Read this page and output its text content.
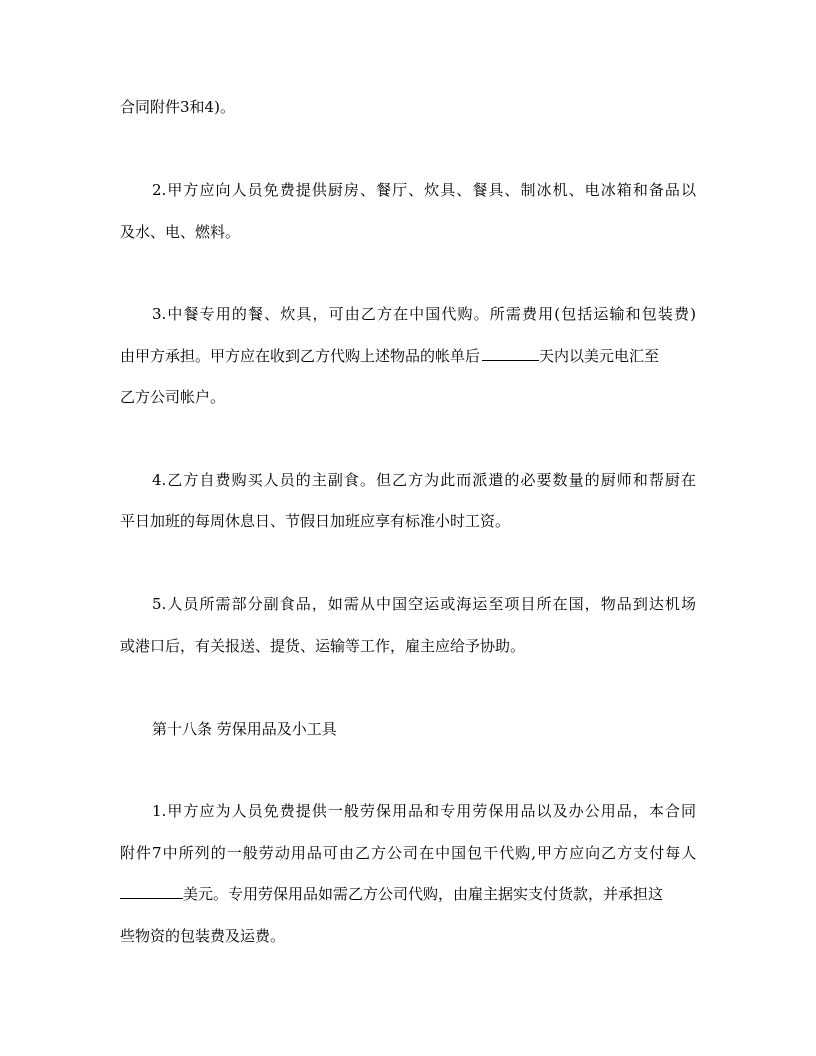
合同附件3和4)。
2.甲方应向人员免费提供厨房、餐厅、炊具、餐具、制冰机、电冰箱和备品以
及水、电、燃料。
3.中餐专用的餐、炊具，可由乙方在中国代购。所需费用(包括运输和包装费)
由甲方承担。甲方应在收到乙方代购上述物品的帐单后	天内以美元电汇至
乙方公司帐户。
4.乙方自费购买人员的主副食。但乙方为此而派遣的必要数量的厨师和帮厨在
平日加班的每周休息日、节假日加班应享有标准小时工资。
5.人员所需部分副食品，如需从中国空运或海运至项目所在国，物品到达机场
或港口后，有关报送、提货、运输等工作，雇主应给予协助。
第十八条 劳保用品及小工具
1.甲方应为人员免费提供一般劳保用品和专用劳保用品以及办公用品，本合同
附件7中所列的一般劳动用品可由乙方公司在中国包干代购,甲方应向乙方支付每人
美元。专用劳保用品如需乙方公司代购，由雇主据实支付货款，并承担这
些物资的包装费及运费。
